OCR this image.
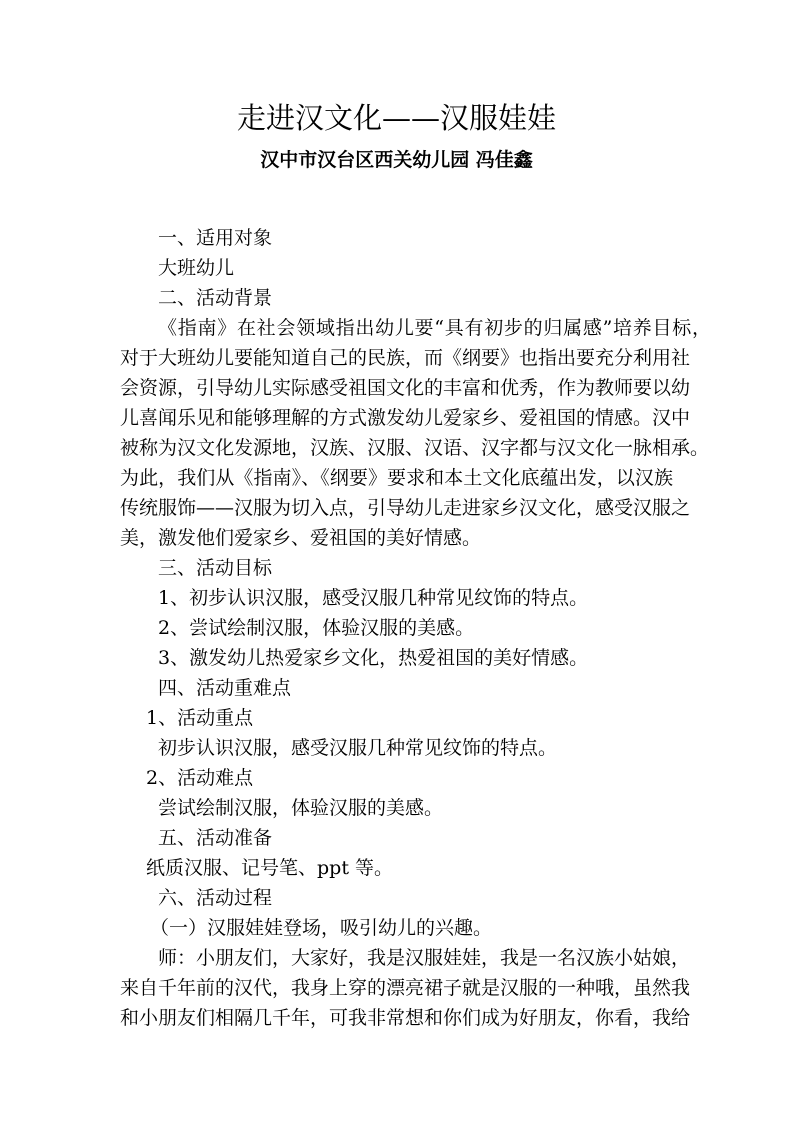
走进汉文化——汉服娃娃
汉中市汉台区西关幼儿园 冯佳鑫
一、适用对象
大班幼儿
二、活动背景
《指南》在社会领域指出幼儿要“具有初步的归属感”培养目标，
对于大班幼儿要能知道自己的民族，而《纲要》也指出要充分利用社
会资源，引导幼儿实际感受祖国文化的丰富和优秀，作为教师要以幼
儿喜闻乐见和能够理解的方式激发幼儿爱家乡、爱祖国的情感。汉中
被称为汉文化发源地，汉族、汉服、汉语、汉字都与汉文化一脉相承。
为此，我们从《指南》、《纲要》要求和本土文化底蕴出发，以汉族
传统服饰——汉服为切入点，引导幼儿走进家乡汉文化，感受汉服之
美，激发他们爱家乡、爱祖国的美好情感。
三、活动目标
1、初步认识汉服，感受汉服几种常见纹饰的特点。
2、尝试绘制汉服，体验汉服的美感。
3、激发幼儿热爱家乡文化，热爱祖国的美好情感。
四、活动重难点
1、活动重点
初步认识汉服，感受汉服几种常见纹饰的特点。
2、活动难点
尝试绘制汉服，体验汉服的美感。
五、活动准备
纸质汉服、记号笔、ppt 等。
六、活动过程
（一）汉服娃娃登场，吸引幼儿的兴趣。
师：小朋友们，大家好，我是汉服娃娃，我是一名汉族小姑娘，
来自千年前的汉代，我身上穿的漂亮裙子就是汉服的一种哦，虽然我
和小朋友们相隔几千年，可我非常想和你们成为好朋友，你看，我给
